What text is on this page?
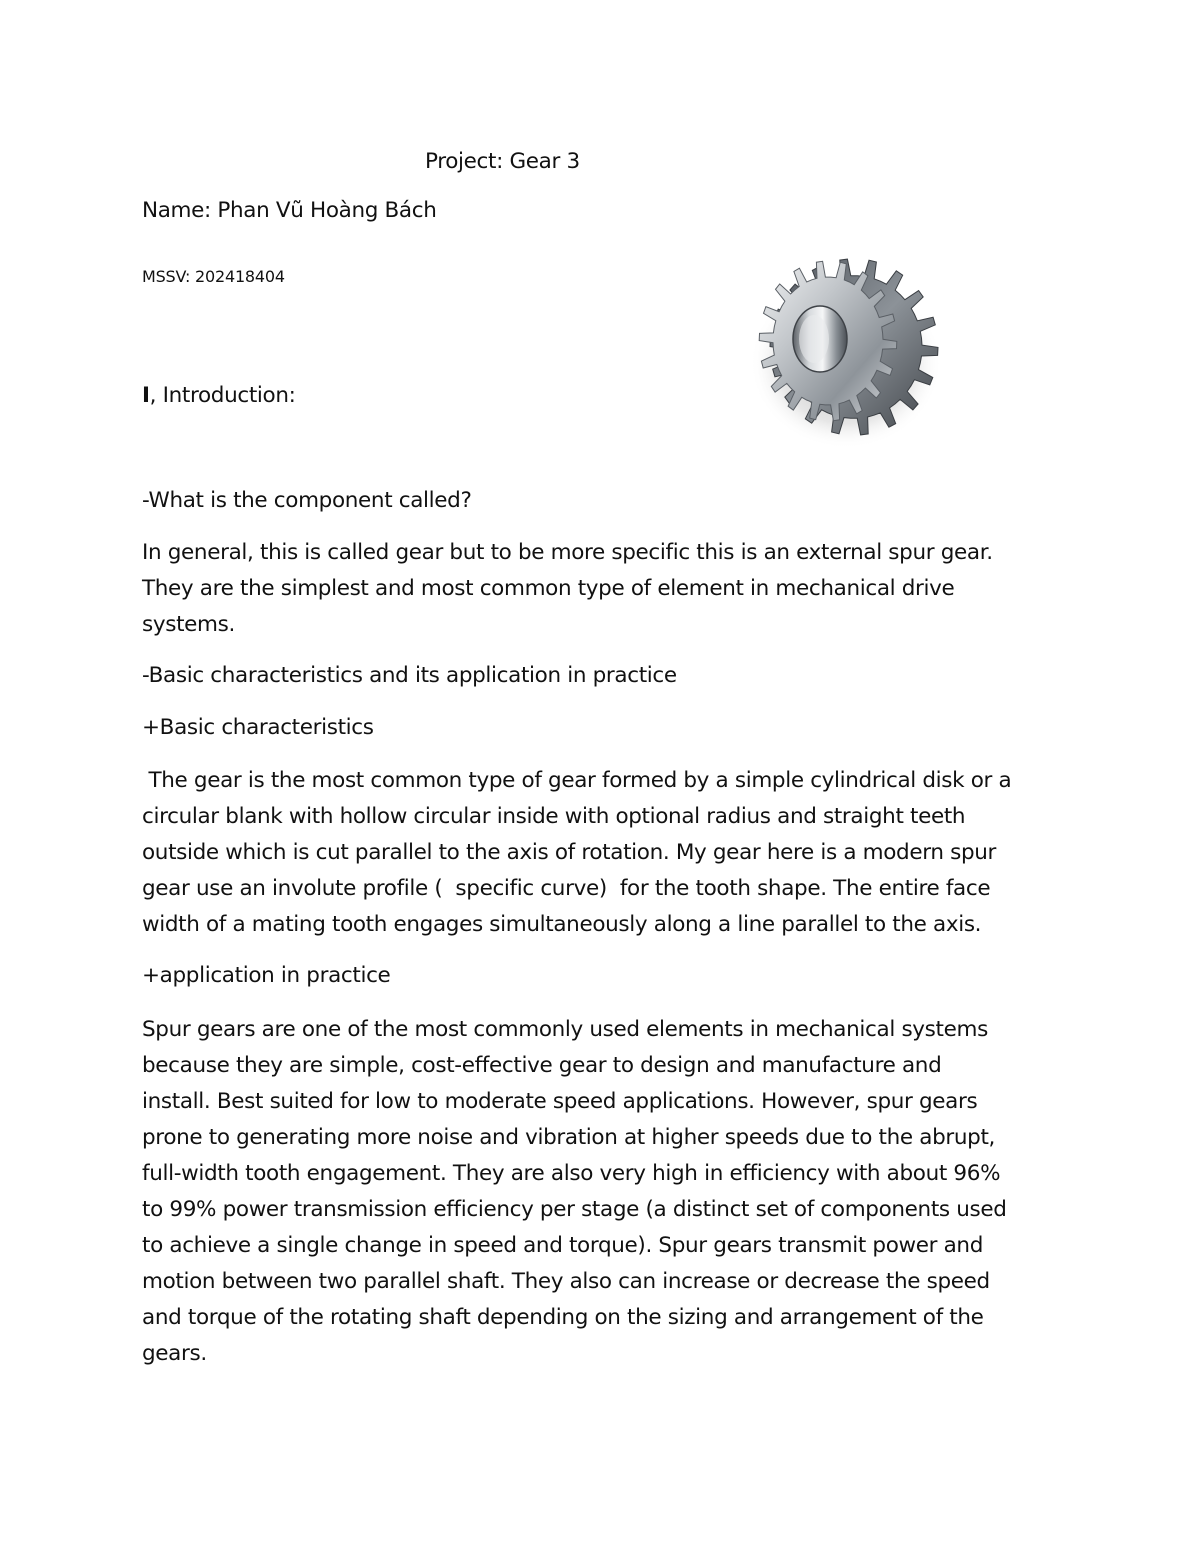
Project: Gear 3
Name: Phan Vũ Hoàng Bách
MSSV: 202418404
I, Introduction:
-What is the component called?
In general, this is called gear but to be more specific this is an external spur gear.
They are the simplest and most common type of element in mechanical drive
systems.
-Basic characteristics and its application in practice
+Basic characteristics
The gear is the most common type of gear formed by a simple cylindrical disk or a
circular blank with hollow circular inside with optional radius and straight teeth
outside which is cut parallel to the axis of rotation. My gear here is a modern spur
gear use an involute profile (  specific curve)  for the tooth shape. The entire face
width of a mating tooth engages simultaneously along a line parallel to the axis.
+application in practice
Spur gears are one of the most commonly used elements in mechanical systems
because they are simple, cost-effective gear to design and manufacture and
install. Best suited for low to moderate speed applications. However, spur gears
prone to generating more noise and vibration at higher speeds due to the abrupt,
full-width tooth engagement. They are also very high in efficiency with about 96%
to 99% power transmission efficiency per stage (a distinct set of components used
to achieve a single change in speed and torque). Spur gears transmit power and
motion between two parallel shaft. They also can increase or decrease the speed
and torque of the rotating shaft depending on the sizing and arrangement of the
gears.
